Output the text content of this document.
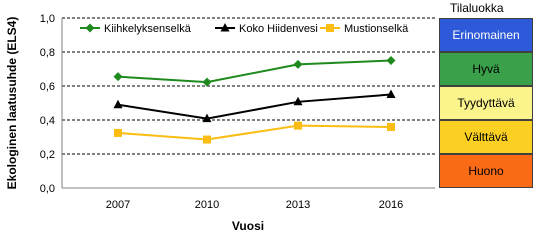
0,0
0,2
0,4
0,6
0,8
1,0
2007	2010	2013	2016
Kiihkelyksenselkä	Koko Hiidenvesi Mustionselkä
Ekologinen laatusuhde (ELS4)
Vuosi
Tilaluokka
Erinomainen
Hyvä
Tyydyttävä
Välttävä
Huono
